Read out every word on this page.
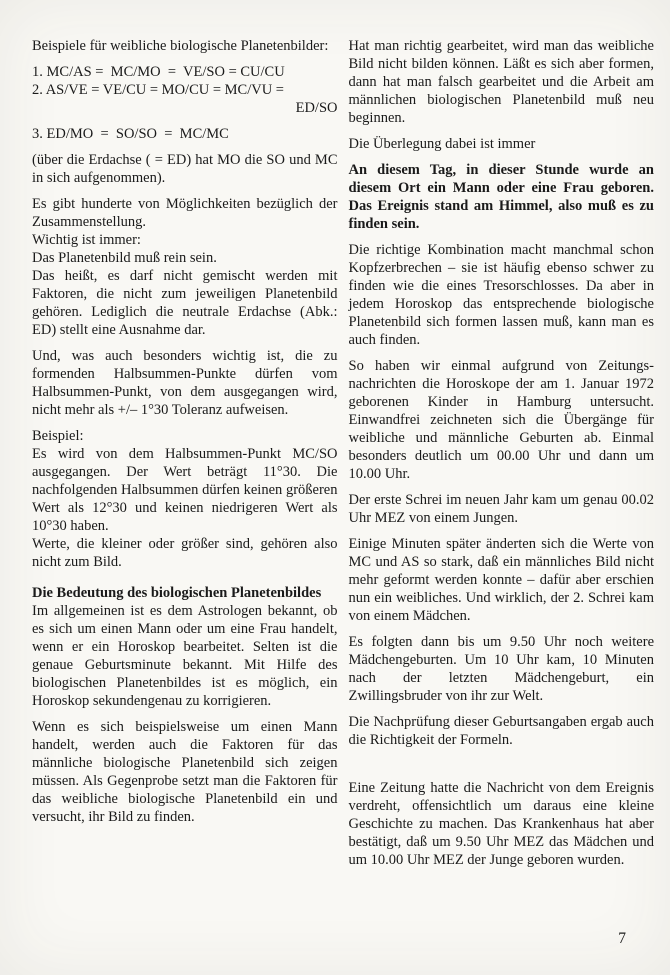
Beispiele für weibliche biologische Planetenbilder:
1. MC/AS =  MC/MO  =  VE/SO = CU/CU
2. AS/VE = VE/CU = MO/CU = MC/VU =
ED/SO
3. ED/MO  =  SO/SO  =  MC/MC
(über die Erdachse ( = ED) hat MO die SO und MC in sich aufgenommen).
Es gibt hunderte von Möglichkeiten bezüglich der Zusammenstellung.
Wichtig ist immer:
Das Planetenbild muß rein sein.
Das heißt, es darf nicht gemischt werden mit Faktoren, die nicht zum jeweiligen Planetenbild gehören. Lediglich die neutrale Erdachse (Abk.: ED) stellt eine Ausnahme dar.
Und, was auch besonders wichtig ist, die zu formenden Halbsummen-Punkte dürfen vom Halbsummen-Punkt, von dem ausgegangen wird, nicht mehr als +/– 1°30 Toleranz aufweisen.
Beispiel:
Es wird von dem Halbsummen-Punkt MC/SO ausgegangen. Der Wert beträgt 11°30. Die nachfolgenden Halbsummen dürfen keinen größeren Wert als 12°30 und keinen niedrigeren Wert als 10°30 haben.
Werte, die kleiner oder größer sind, gehören also nicht zum Bild.
Die Bedeutung des biologischen Planetenbildes
Im allgemeinen ist es dem Astrologen bekannt, ob es sich um einen Mann oder um eine Frau handelt, wenn er ein Horoskop bearbeitet. Selten ist die genaue Geburtsminute bekannt. Mit Hilfe des biologischen Planetenbildes ist es möglich, ein Horoskop sekundengenau zu korrigieren.
Wenn es sich beispielsweise um einen Mann handelt, werden auch die Faktoren für das männliche biologische Planetenbild sich zeigen müssen. Als Gegenprobe setzt man die Faktoren für das weibliche biologische Planetenbild ein und versucht, ihr Bild zu finden.
Hat man richtig gearbeitet, wird man das weibliche Bild nicht bilden können. Läßt es sich aber formen, dann hat man falsch gearbeitet und die Arbeit am männlichen biologischen Planetenbild muß neu beginnen.
Die Überlegung dabei ist immer
An diesem Tag, in dieser Stunde wurde an diesem Ort ein Mann oder eine Frau geboren. Das Ereignis stand am Himmel, also muß es zu finden sein.
Die richtige Kombination macht manchmal schon Kopfzerbrechen – sie ist häufig ebenso schwer zu finden wie die eines Tresorschlosses. Da aber in jedem Horoskop das entsprechende biologische Planetenbild sich formen lassen muß, kann man es auch finden.
So haben wir einmal aufgrund von Zeitungsnachrichten die Horoskope der am 1. Januar 1972 geborenen Kinder in Hamburg untersucht. Einwandfrei zeichneten sich die Übergänge für weibliche und männliche Geburten ab. Einmal besonders deutlich um 00.00 Uhr und dann um 10.00 Uhr.
Der erste Schrei im neuen Jahr kam um genau 00.02 Uhr MEZ von einem Jungen.
Einige Minuten später änderten sich die Werte von MC und AS so stark, daß ein männliches Bild nicht mehr geformt werden konnte – dafür aber erschien nun ein weibliches. Und wirklich, der 2. Schrei kam von einem Mädchen.
Es folgten dann bis um 9.50 Uhr noch weitere Mädchengeburten. Um 10 Uhr kam, 10 Minuten nach der letzten Mädchengeburt, ein Zwillingsbruder von ihr zur Welt.
Die Nachprüfung dieser Geburtsangaben ergab auch die Richtigkeit der Formeln.
Eine Zeitung hatte die Nachricht von dem Ereignis verdreht, offensichtlich um daraus eine kleine Geschichte zu machen. Das Krankenhaus hat aber bestätigt, daß um 9.50 Uhr MEZ das Mädchen und um 10.00 Uhr MEZ der Junge geboren wurden.
7
